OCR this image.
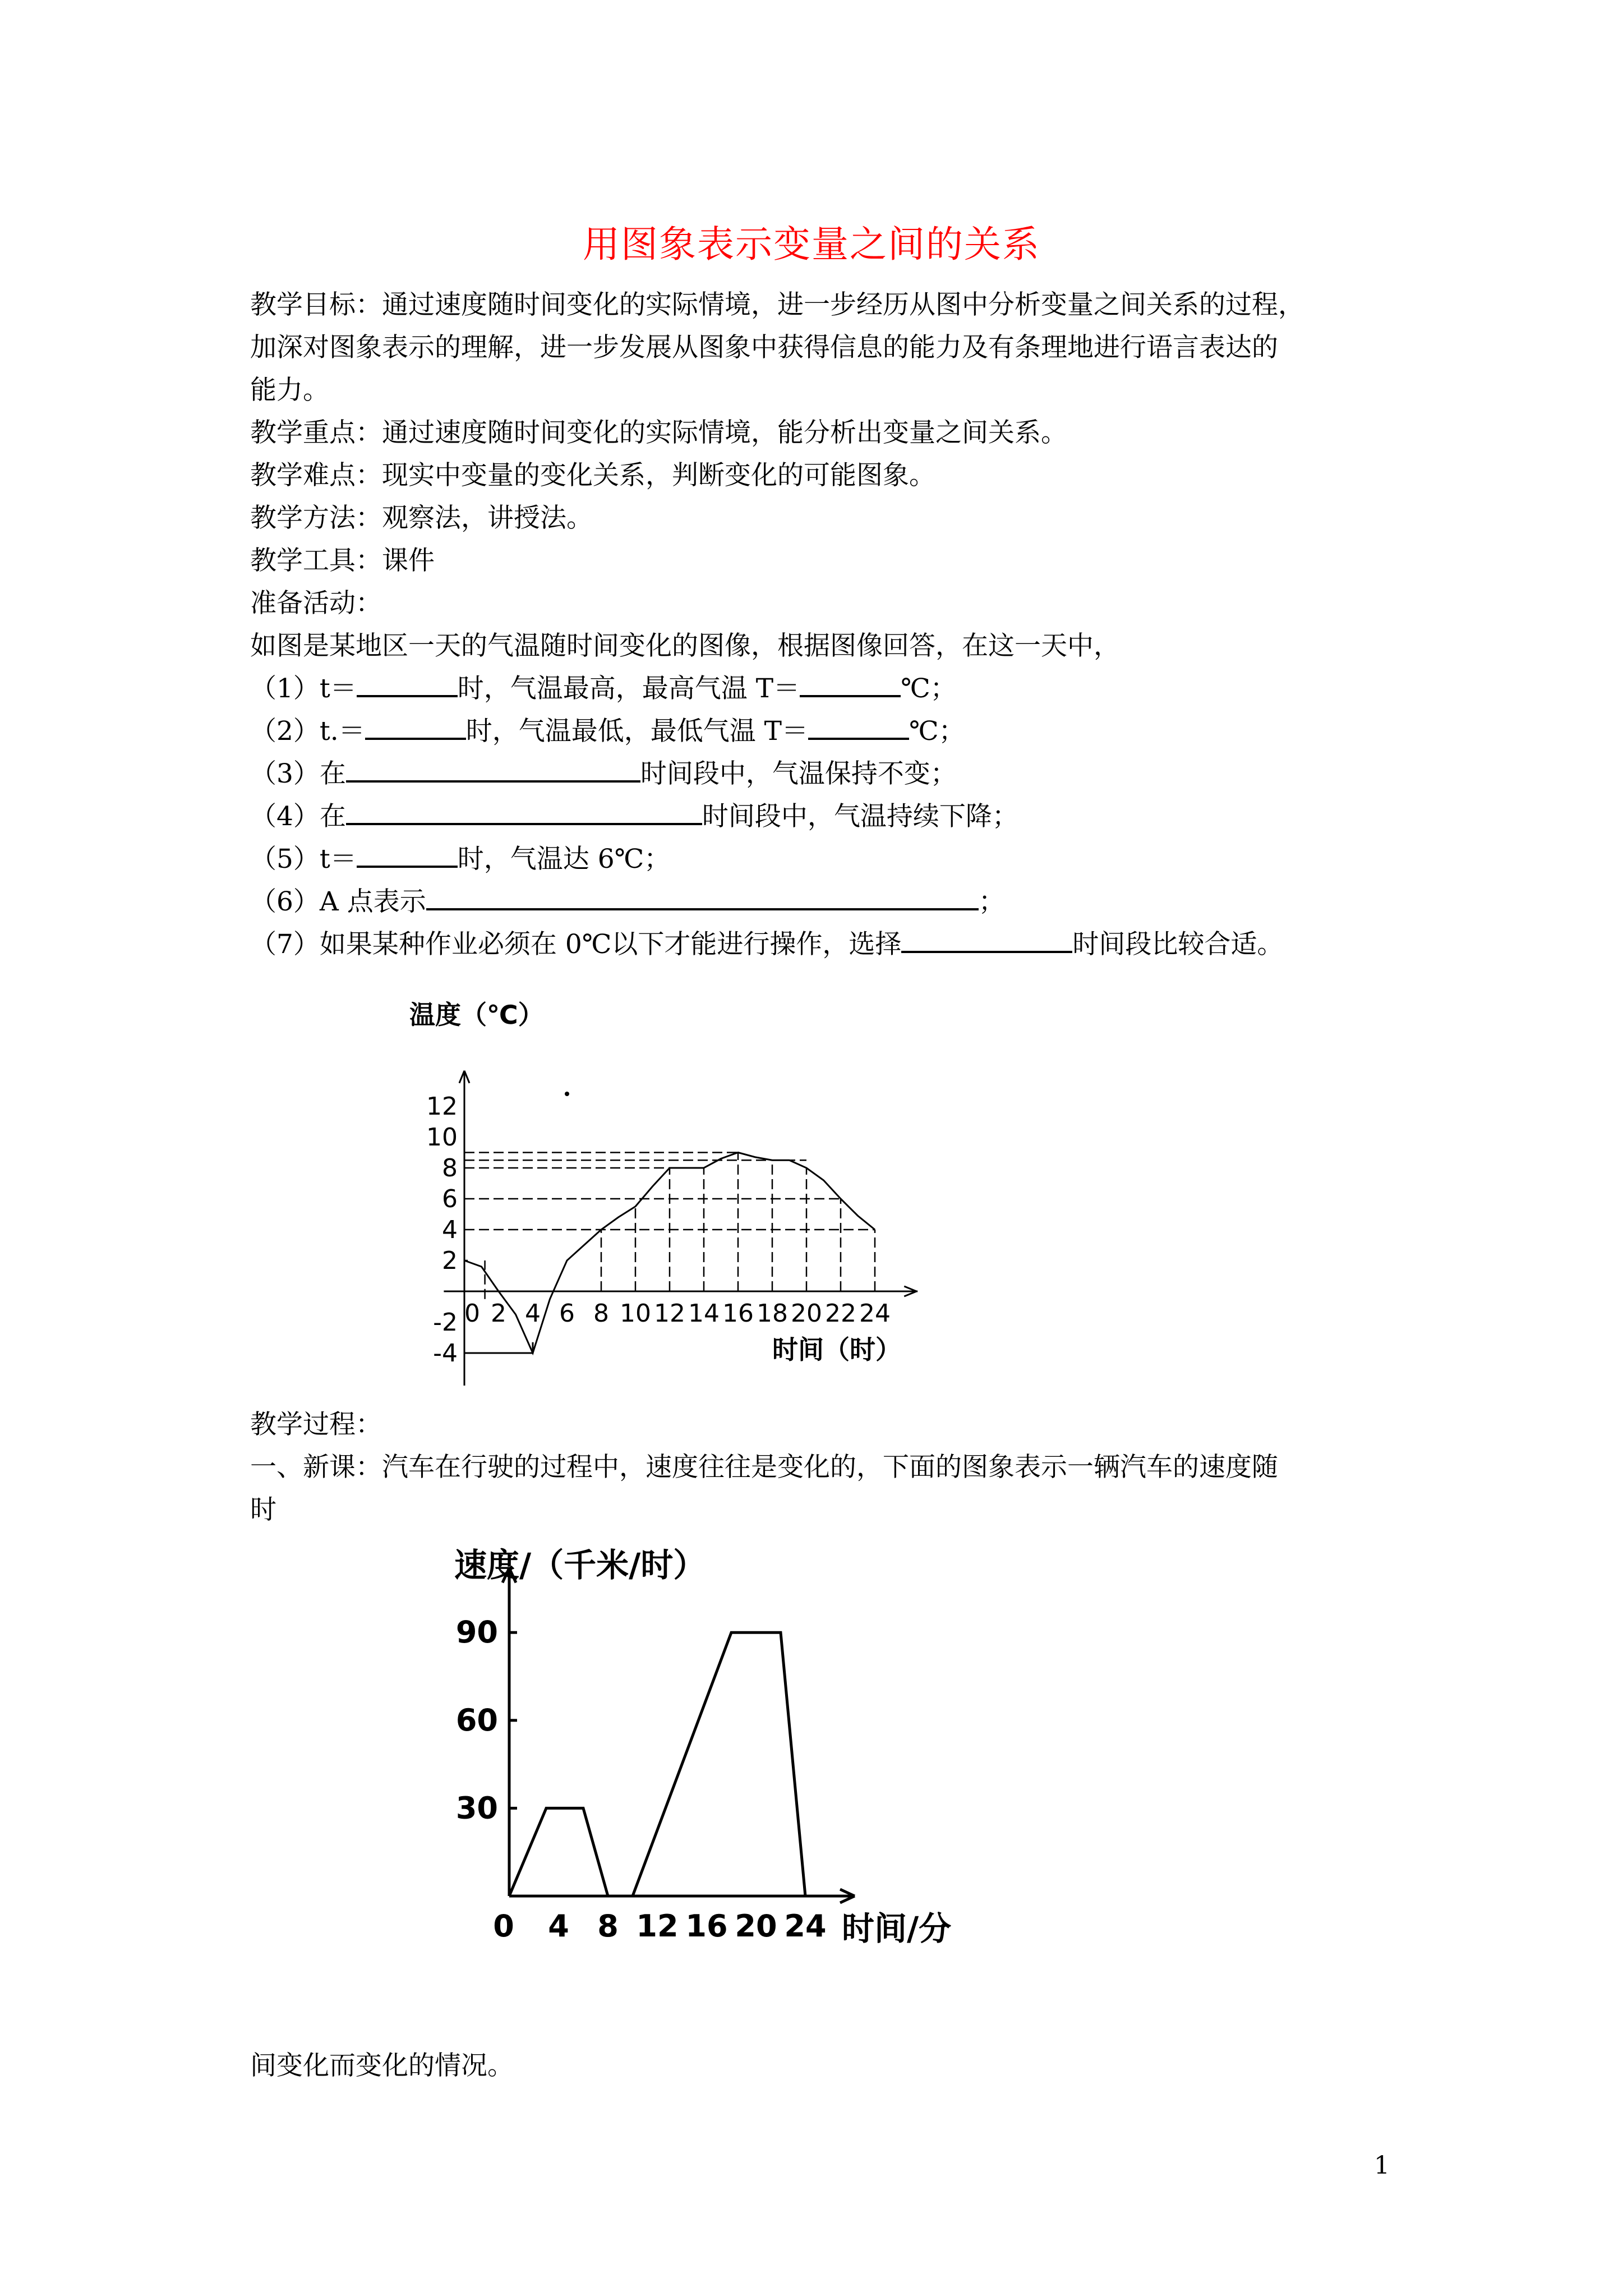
用图象表示变量之间的关系
教学目标：通过速度随时间变化的实际情境，进一步经历从图中分析变量之间关系的过程，
加深对图象表示的理解，进一步发展从图象中获得信息的能力及有条理地进行语言表达的
能力。
教学重点：通过速度随时间变化的实际情境，能分析出变量之间关系。
教学难点：现实中变量的变化关系，判断变化的可能图象。
教学方法：观察法，讲授法。
教学工具：课件
准备活动：
如图是某地区一天的气温随时间变化的图像，根据图像回答，在这一天中，
（1）t＝	时，气温最高，最高气温 T＝	℃；
（2）t.＝	时，气温最低，最低气温 T＝	℃；
（3）在	时间段中，气温保持不变；
（4）在	时间段中，气温持续下降；
（5）t＝	时，气温达 6℃；
（6）A 点表示	；
（7）如果某种作业必须在 0℃以下才能进行操作，选择	时间段比较合适。
0 2 4 6 8 10 12 14 16 18 20 22 24
-4
-2
2
4
6
8
10
12
温度（℃）
时间（时）
教学过程：
一、新课：汽车在行驶的过程中，速度往往是变化的，下面的图象表示一辆汽车的速度随
时
0 4 8 12 16 20 24
30
60
90
速度/（千米/时）
时间/分
间变化而变化的情况。
1
